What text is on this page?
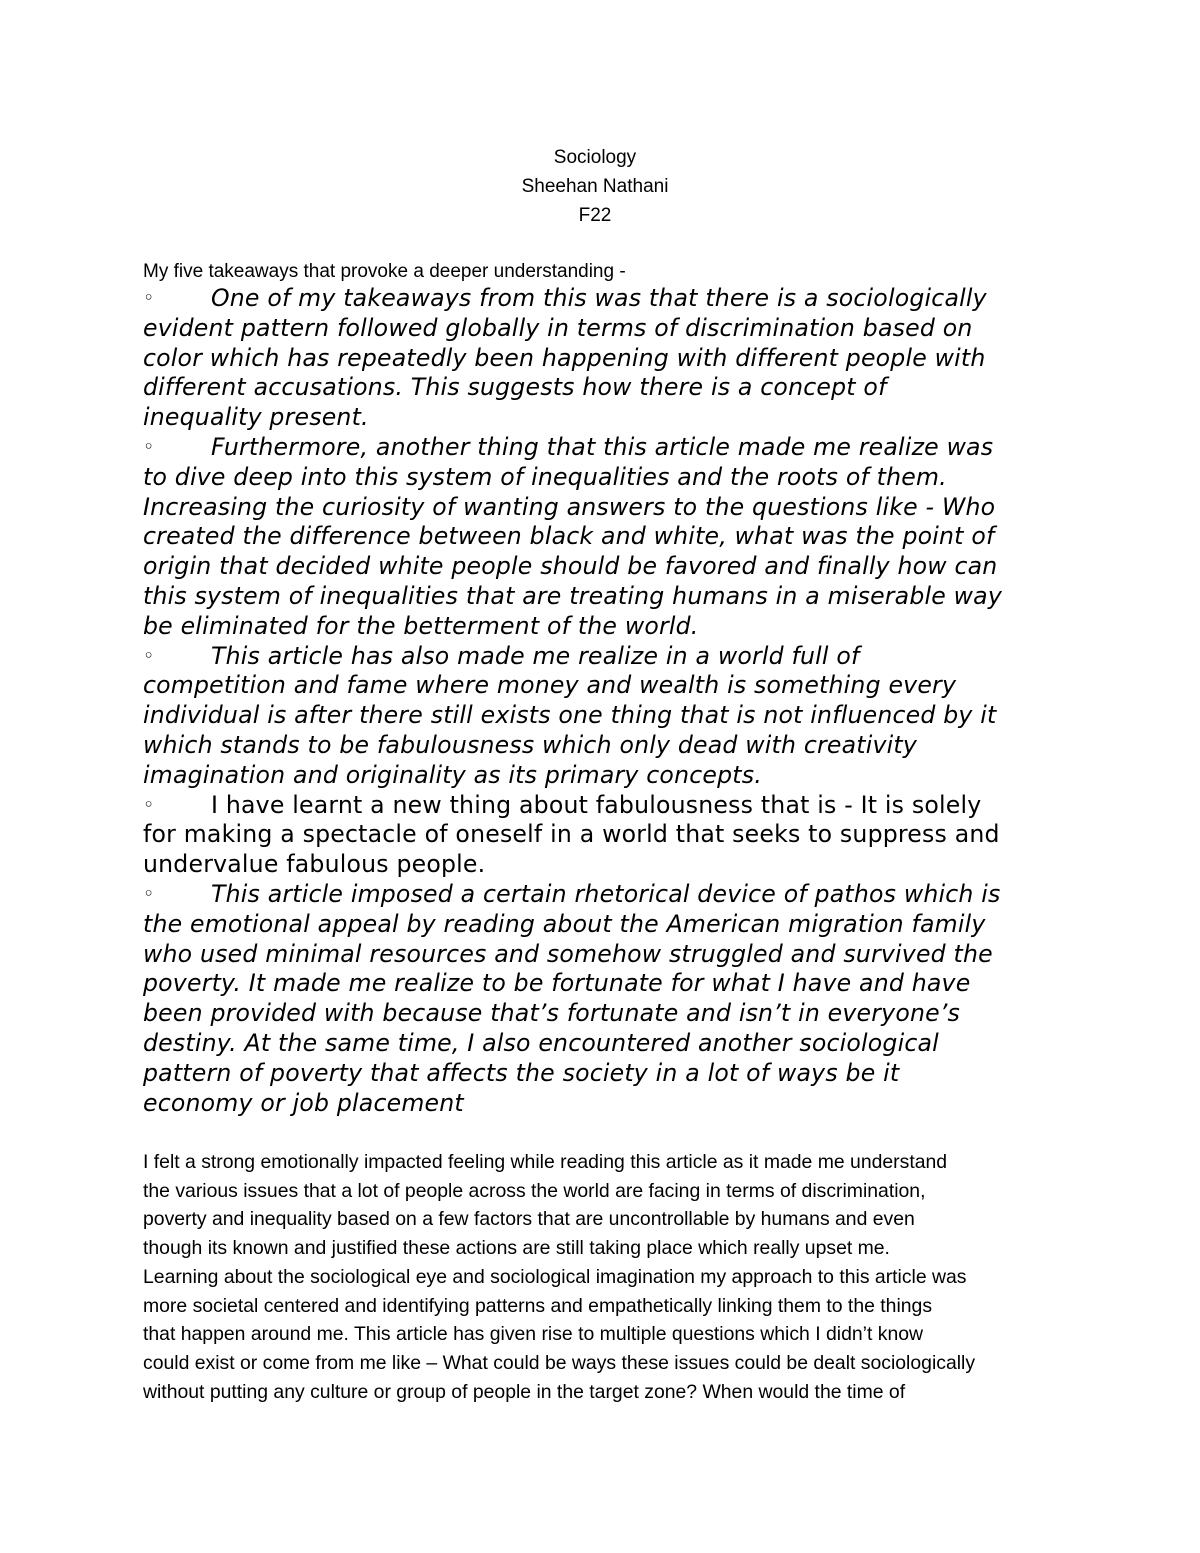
Sociology
Sheehan Nathani
F22
My five takeaways that provoke a deeper understanding -
◦ One of my takeaways from this was that there is a sociologically

evident pattern followed globally in terms of discrimination based on
color which has repeatedly been happening with different people with
different accusations. This suggests how there is a concept of
inequality present.
◦ Furthermore, another thing that this article made me realize was

to dive deep into this system of inequalities and the roots of them.
Increasing the curiosity of wanting answers to the questions like - Who
created the difference between black and white, what was the point of
origin that decided white people should be favored and finally how can
this system of inequalities that are treating humans in a miserable way
be eliminated for the betterment of the world.
◦ This article has also made me realize in a world full of

competition and fame where money and wealth is something every
individual is after there still exists one thing that is not influenced by it
which stands to be fabulousness which only dead with creativity
imagination and originality as its primary concepts.
◦ I have learnt a new thing about fabulousness that is - It is solely

for making a spectacle of oneself in a world that seeks to suppress and
undervalue fabulous people.
◦ This article imposed a certain rhetorical device of pathos which is

the emotional appeal by reading about the American migration family
who used minimal resources and somehow struggled and survived the
poverty. It made me realize to be fortunate for what I have and have
been provided with because that’s fortunate and isn’t in everyone’s
destiny. At the same time, I also encountered another sociological
pattern of poverty that affects the society in a lot of ways be it
economy or job placement
I felt a strong emotionally impacted feeling while reading this article as it made me understand
the various issues that a lot of people across the world are facing in terms of discrimination,
poverty and inequality based on a few factors that are uncontrollable by humans and even
though its known and justified these actions are still taking place which really upset me.
Learning about the sociological eye and sociological imagination my approach to this article was
more societal centered and identifying patterns and empathetically linking them to the things
that happen around me. This article has given rise to multiple questions which I didn’t know
could exist or come from me like – What could be ways these issues could be dealt sociologically
without putting any culture or group of people in the target zone? When would the time of
